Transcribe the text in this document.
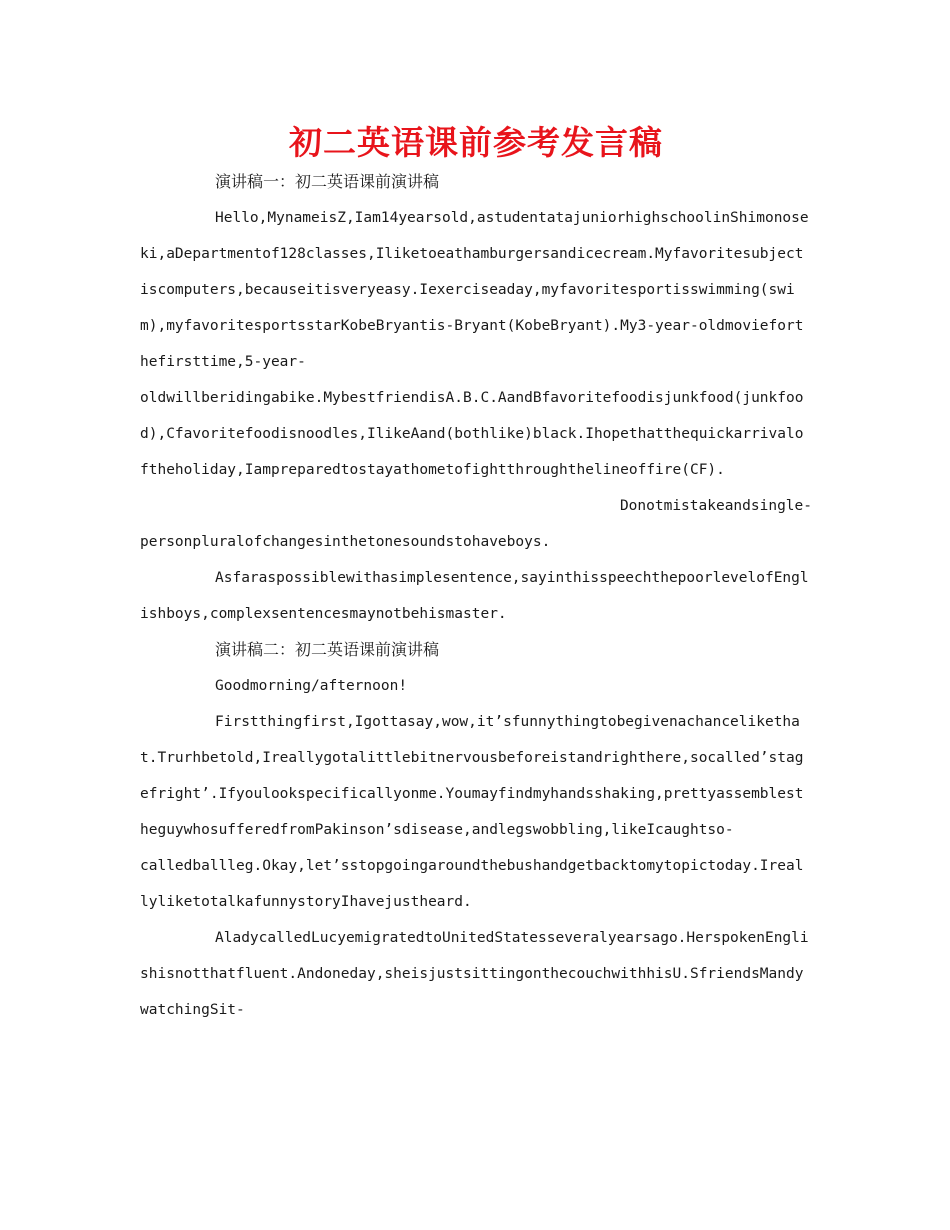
初二英语课前参考发言稿

演讲稿一：初二英语课前演讲稿

Hello,MynameisZ,Iam14yearsold,astudentatajuniorhighschoolinShimonoseki,aDepartmentof128classes,Iliketoeathamburgersandicecream.Myfavoritesubjectiscomputers,becauseitisveryeasy.Iexerciseaday,myfavoritesportisswimming(swim),myfavoritesportsstarKobeBryantis-Bryant(KobeBryant).My3-year-oldmovieforthefirsttime,5-year-

oldwillberidingabike.MybestfriendisA.B.C.AandBfavoritefoodisjunkfood(junkfood),Cfavoritefoodisnoodles,IlikeAand(bothlike)black.Ihopethatthequickarrivaloftheholiday,Iampreparedtostayathometofightthroughthelineoffire(CF).

Donotmistakeandsingle-

personpluralofchangesinthetonesoundstohaveboys.

Asfaraspossiblewithasimplesentence,sayinthisspeechthepoorlevelofEnglishboys,complexsentencesmaynotbehismaster.

演讲稿二：初二英语课前演讲稿

Goodmorning/afternoon!

Firstthingfirst,Igottasay,wow,it’sfunnythingtobegivenachancelikethat.Trurhbetold,Ireallygotalittlebitnervousbeforeistandrighthere,socalled’stagefright’.Ifyoulookspecificallyonme.Youmayfindmyhandsshaking,prettyassemblestheguywhosufferedfromPakinson’sdisease,andlegswobbling,likeIcaughtso-

calledballleg.Okay,let’sstopgoingaroundthebushandgetbacktomytopictoday.IreallyliketotalkafunnystoryIhavejustheard.

AladycalledLucyemigratedtoUnitedStatesseveralyearsago.HerspokenEnglishisnotthatfluent.Andoneday,sheisjustsittingonthecouchwithhisU.SfriendsMandywatchingSit-
